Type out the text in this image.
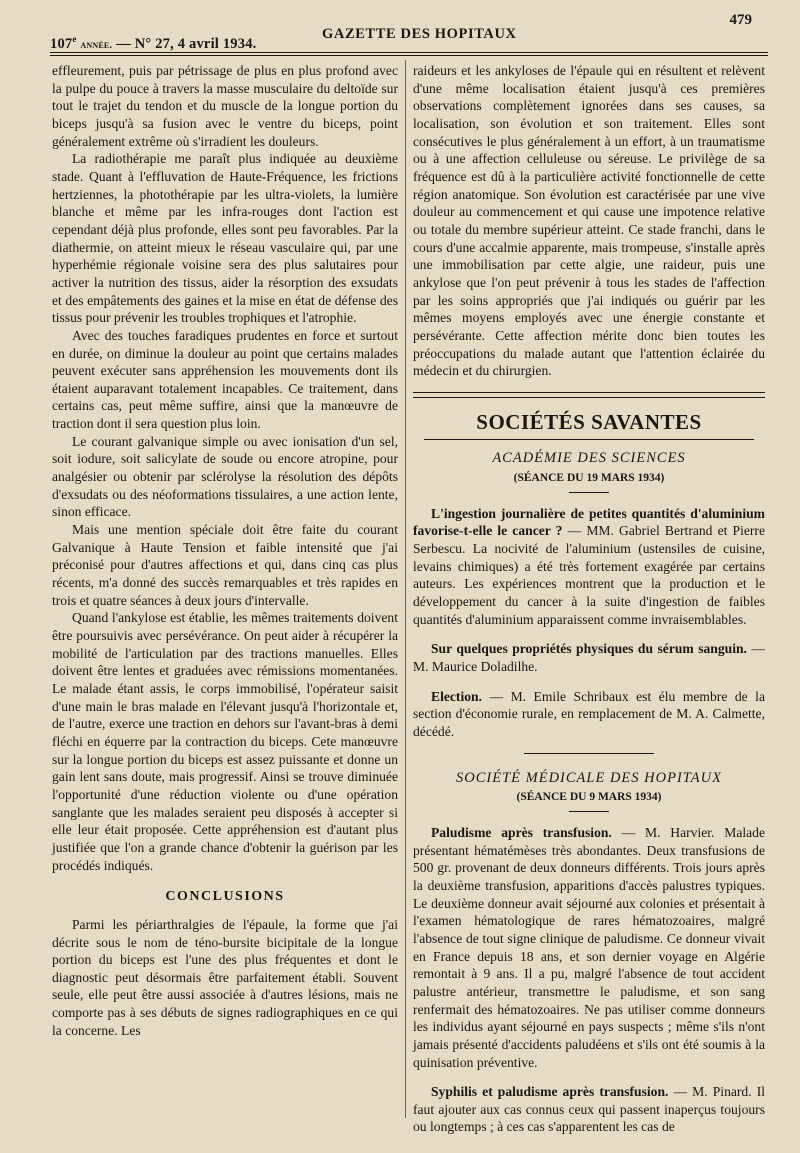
479
107e année. — N° 27, 4 avril 1934.
GAZETTE DES HOPITAUX

effleurement, puis par pétrissage de plus en plus profond avec la pulpe du pouce à travers la masse musculaire du deltoïde sur tout le trajet du tendon et du muscle de la longue portion du biceps jusqu'à sa fusion avec le ventre du biceps, point généralement extrême où s'irradient les douleurs.

La radiothérapie me paraît plus indiquée au deuxième stade. Quant à l'effluvation de Haute-Fréquence, les frictions hertziennes, la photothérapie par les ultra-violets, la lumière blanche et même par les infra-rouges dont l'action est cependant déjà plus profonde, elles sont peu favorables. Par la diathermie, on atteint mieux le réseau vasculaire qui, par une hyperhémie régionale voisine sera des plus salutaires pour activer la nutrition des tissus, aider la résorption des exsudats et des empâtements des gaines et la mise en état de défense des tissus pour prévenir les troubles trophiques et l'atrophie.

Avec des touches faradiques prudentes en force et surtout en durée, on diminue la douleur au point que certains malades peuvent exécuter sans appréhension les mouvements dont ils étaient auparavant totalement incapables. Ce traitement, dans certains cas, peut même suffire, ainsi que la manœuvre de traction dont il sera question plus loin.

Le courant galvanique simple ou avec ionisation d'un sel, soit iodure, soit salicylate de soude ou encore atropine, pour analgésier ou obtenir par sclérolyse la résolution des dépôts d'exsudats ou des néoformations tissulaires, a une action lente, sinon efficace.

Mais une mention spéciale doit être faite du courant Galvanique à Haute Tension et faible intensité que j'ai préconisé pour d'autres affections et qui, dans cinq cas plus récents, m'a donné des succès remarquables et très rapides en trois et quatre séances à deux jours d'intervalle.

Quand l'ankylose est établie, les mêmes traitements doivent être poursuivis avec persévérance. On peut aider à récupérer la mobilité de l'articulation par des tractions manuelles. Elles doivent être lentes et graduées avec rémissions momentanées. Le malade étant assis, le corps immobilisé, l'opérateur saisit d'une main le bras malade en l'élevant jusqu'à l'horizontale et, de l'autre, exerce une traction en dehors sur l'avant-bras à demi fléchi en équerre par la contraction du biceps. Cete manœuvre sur la longue portion du biceps est assez puissante et donne un gain lent sans doute, mais progressif. Ainsi se trouve diminuée l'opportunité d'une réduction violente ou d'une opération sanglante que les malades seraient peu disposés à accepter si elle leur était proposée. Cette appréhension est d'autant plus justifiée que l'on a grande chance d'obtenir la guérison par les procédés indiqués.

CONCLUSIONS

Parmi les périarthralgies de l'épaule, la forme que j'ai décrite sous le nom de téno-bursite bicipitale de la longue portion du biceps est l'une des plus fréquentes et dont le diagnostic peut désormais être parfaitement établi. Souvent seule, elle peut être aussi associée à d'autres lésions, mais ne comporte pas à ses débuts de signes radiographiques en ce qui la concerne. Les

raideurs et les ankyloses de l'épaule qui en résultent et relèvent d'une même localisation étaient jusqu'à ces premières observations complètement ignorées dans ses causes, sa localisation, son évolution et son traitement. Elles sont consécutives le plus généralement à un effort, à un traumatisme ou à une affection celluleuse ou séreuse. Le privilège de sa fréquence est dû à la particulière activité fonctionnelle de cette région anatomique. Son évolution est caractérisée par une vive douleur au commencement et qui cause une impotence relative ou totale du membre supérieur atteint. Ce stade franchi, dans le cours d'une accalmie apparente, mais trompeuse, s'installe après une immobilisation par cette algie, une raideur, puis une ankylose que l'on peut prévenir à tous les stades de l'affection par les soins appropriés que j'ai indiqués ou guérir par les mêmes moyens employés avec une énergie constante et persévérante. Cette affection mérite donc bien toutes les préoccupations du malade autant que l'attention éclairée du médecin et du chirurgien.

SOCIÉTÉS SAVANTES
ACADÉMIE DES SCIENCES
(SÉANCE DU 19 MARS 1934)

L'ingestion journalière de petites quantités d'aluminium favorise-t-elle le cancer ? — MM. Gabriel Bertrand et Pierre Serbescu. La nocivité de l'aluminium (ustensiles de cuisine, levains chimiques) a été très fortement exagérée par certains auteurs. Les expériences montrent que la production et le développement du cancer à la suite d'ingestion de faibles quantités d'aluminium apparaissent comme invraisemblables.

Sur quelques propriétés physiques du sérum sanguin. — M. Maurice Doladilhe.

Election. — M. Emile Schribaux est élu membre de la section d'économie rurale, en remplacement de M. A. Calmette, décédé.

SOCIÉTÉ MÉDICALE DES HOPITAUX
(SÉANCE DU 9 MARS 1934)

Paludisme après transfusion. — M. Harvier. Malade présentant hématémèses très abondantes. Deux transfusions de 500 gr. provenant de deux donneurs différents. Trois jours après la deuxième transfusion, apparitions d'accès palustres typiques. Le deuxième donneur avait séjourné aux colonies et présentait à l'examen hématologique de rares hématozoaires, malgré l'absence de tout signe clinique de paludisme. Ce donneur vivait en France depuis 18 ans, et son dernier voyage en Algérie remontait à 9 ans. Il a pu, malgré l'absence de tout accident palustre antérieur, transmettre le paludisme, et son sang renfermait des hématozoaires. Ne pas utiliser comme donneurs les individus ayant séjourné en pays suspects ; même s'ils n'ont jamais présenté d'accidents paludéens et s'ils ont été soumis à la quinisation préventive.

Syphilis et paludisme après transfusion. — M. Pinard. Il faut ajouter aux cas connus ceux qui passent inaperçus toujours ou longtemps ; à ces cas s'apparentent les cas de
